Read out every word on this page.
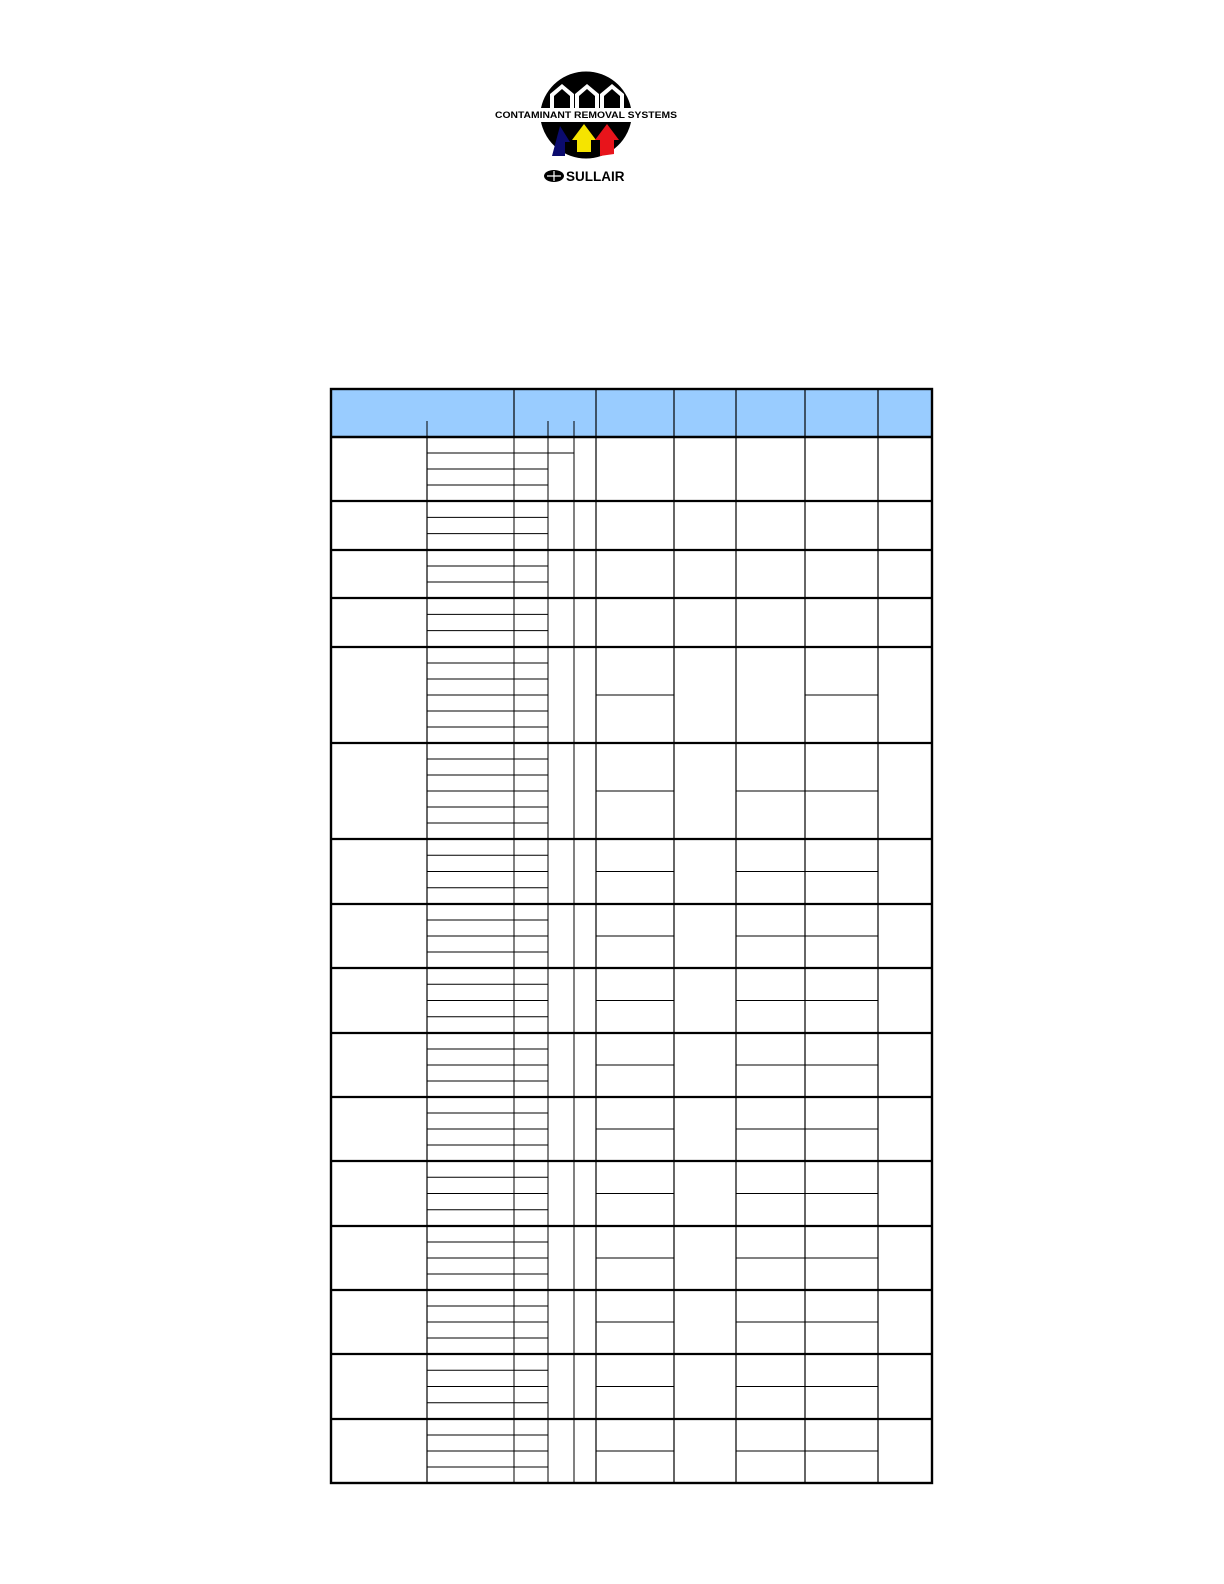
CONTAMINANT REMOVAL SYSTEMS
SULLAIR
